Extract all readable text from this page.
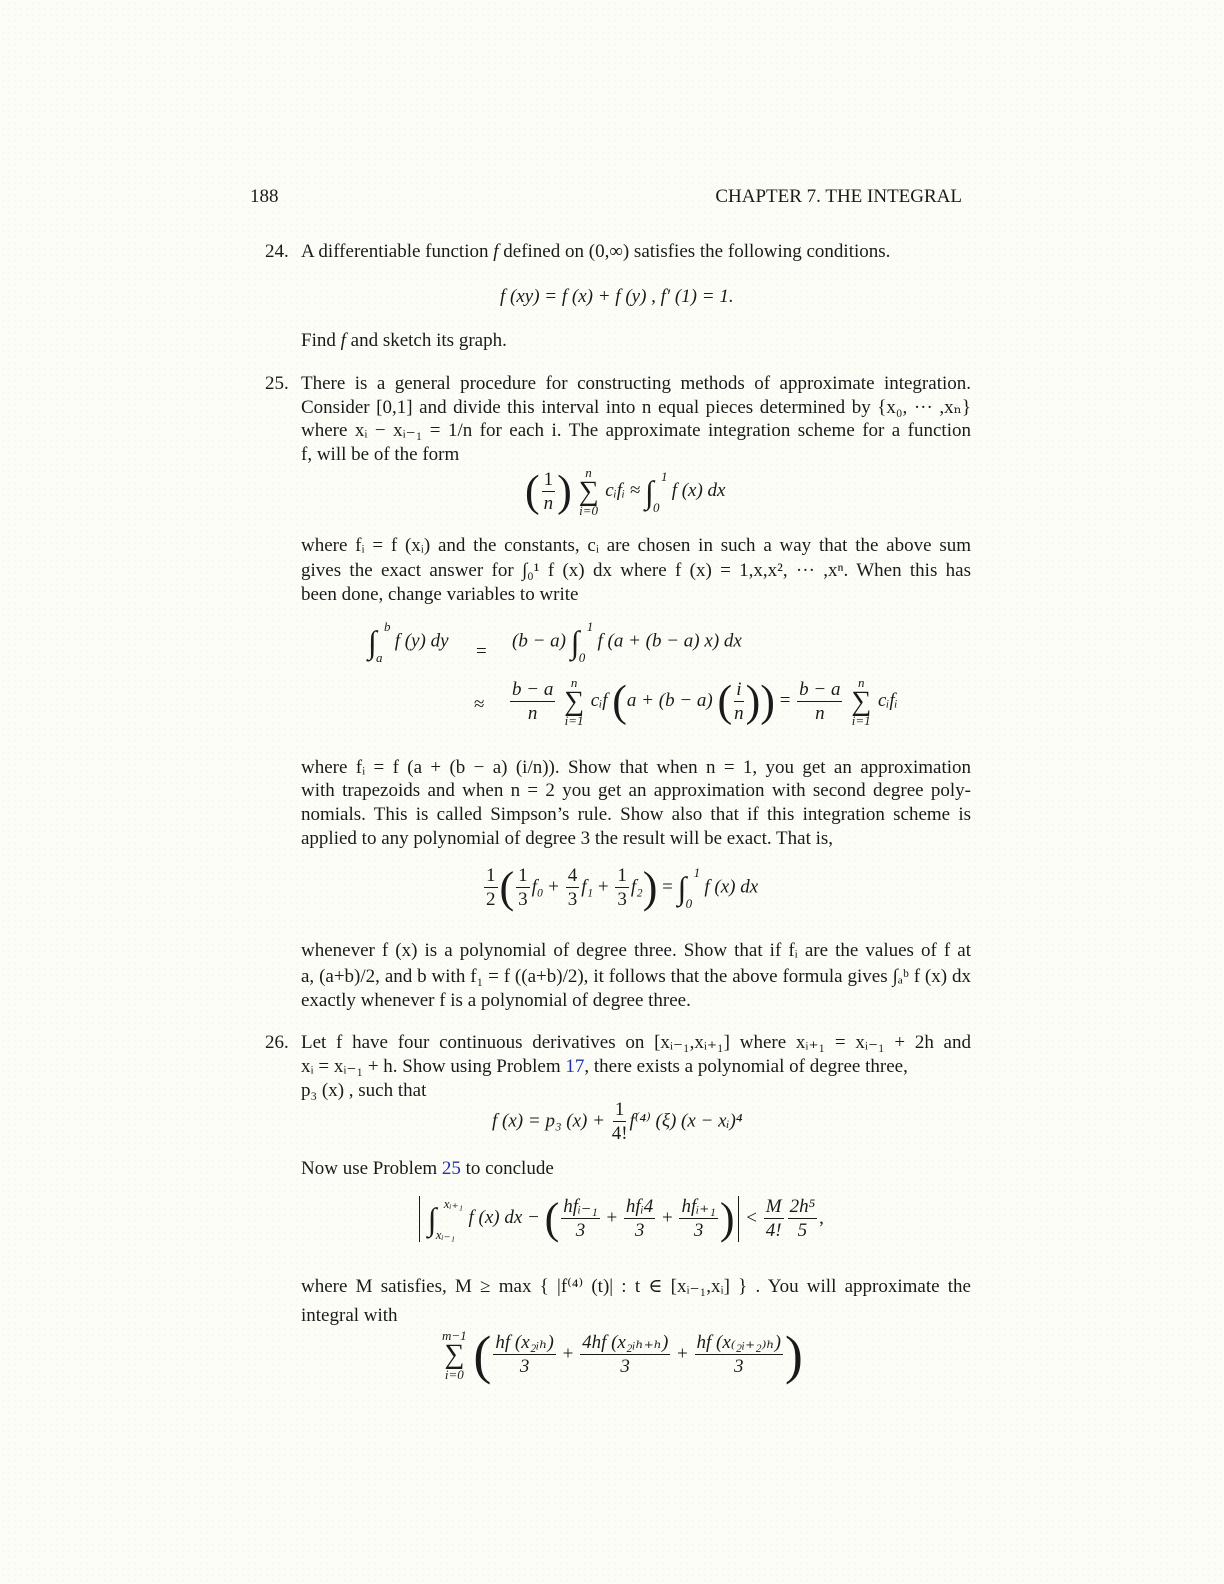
188	CHAPTER 7. THE INTEGRAL
24. A differentiable function f defined on (0,∞) satisfies the following conditions.
f (xy) = f (x) + f (y) , f′ (1) = 1.
Find f and sketch its graph.
25. There is a general procedure for constructing methods of approximate integration.
Consider [0,1] and divide this interval into n equal pieces determined by {x₀, ··· ,xₙ}
where xᵢ − xᵢ₋₁ = 1/n for each i. The approximate integration scheme for a function
f, will be of the form
( $\frac{1}{n}$ ) n
∑
i=0
cᵢfᵢ ≈ ∫ 1
0
f (x) dx
where fᵢ = f (xᵢ) and the constants, cᵢ are chosen in such a way that the above sum
gives the exact answer for ∫₀¹ f (x) dx where f (x) = 1,x,x², ··· ,xⁿ. When this has
been done, change variables to write
∫ b
a
f (y) dy
=
(b − a) ∫ 1
0
f (a + (b − a) x) dx
≈ $\frac{b - a}{n}$
n
∑
i=1
cᵢf (a + (b − a) ( $\frac{i}{n}$ )) = $\frac{b - a}{n}$
n
∑
i=1
cᵢfᵢ
where fᵢ = f (a + (b − a) (i/n)). Show that when n = 1, you get an approximation
with trapezoids and when n = 2 you get an approximation with second degree poly-
nomials. This is called Simpson’s rule. Show also that if this integration scheme is
applied to any polynomial of degree 3 the result will be exact. That is,
$\frac{1}{2}$ ( $\frac{1}{3} f_0 + \frac{4}{3} f_1 + \frac{1}{3} f_2$) = ∫ 1
0
f (x) dx
whenever f (x) is a polynomial of degree three. Show that if fᵢ are the values of f at
a, (a+b)/2, and b with f₁ = f ((a+b)/2), it follows that the above formula gives ∫ₐᵇ f (x) dx
exactly whenever f is a polynomial of degree three.
26. Let f have four continuous derivatives on [xᵢ₋₁,xᵢ₊₁] where xᵢ₊₁ = xᵢ₋₁ + 2h and
xᵢ = xᵢ₋₁ + h. Show using Problem 17, there exists a polynomial of degree three,
p₃ (x) , such that
f (x) = p₃ $(x) + \frac{1}{4!} f^{(4)}$ (ξ) (x − xᵢ)⁴
Now use Problem 25 to conclude
∫ xᵢ₊₁
xᵢ₋₁
f (x) dx − ( $\frac{\text{hfᵢ₋₁}}{3} + \frac{\text{hfᵢ4}}{3} + \frac{\text{hfᵢ₊₁}}{3}$ ) < $\frac{M}{4!} \frac{\text{2h⁵}}{5}$ ,
where M satisfies, M ≥ max { |f⁽⁴⁾ (t)| : t ∈ [xᵢ₋₁,xᵢ] } . You will approximate the
integral with
m−1
∑
i=0 ( $\frac{\text{hf (x₂ᵢₕ)}}{3} + \frac{\text{4hf (x₂ᵢₕ₊ₕ)}}{3} + \frac{\text{hf (x₍₂ᵢ₊₂₎ₕ)}}{3}$ )
